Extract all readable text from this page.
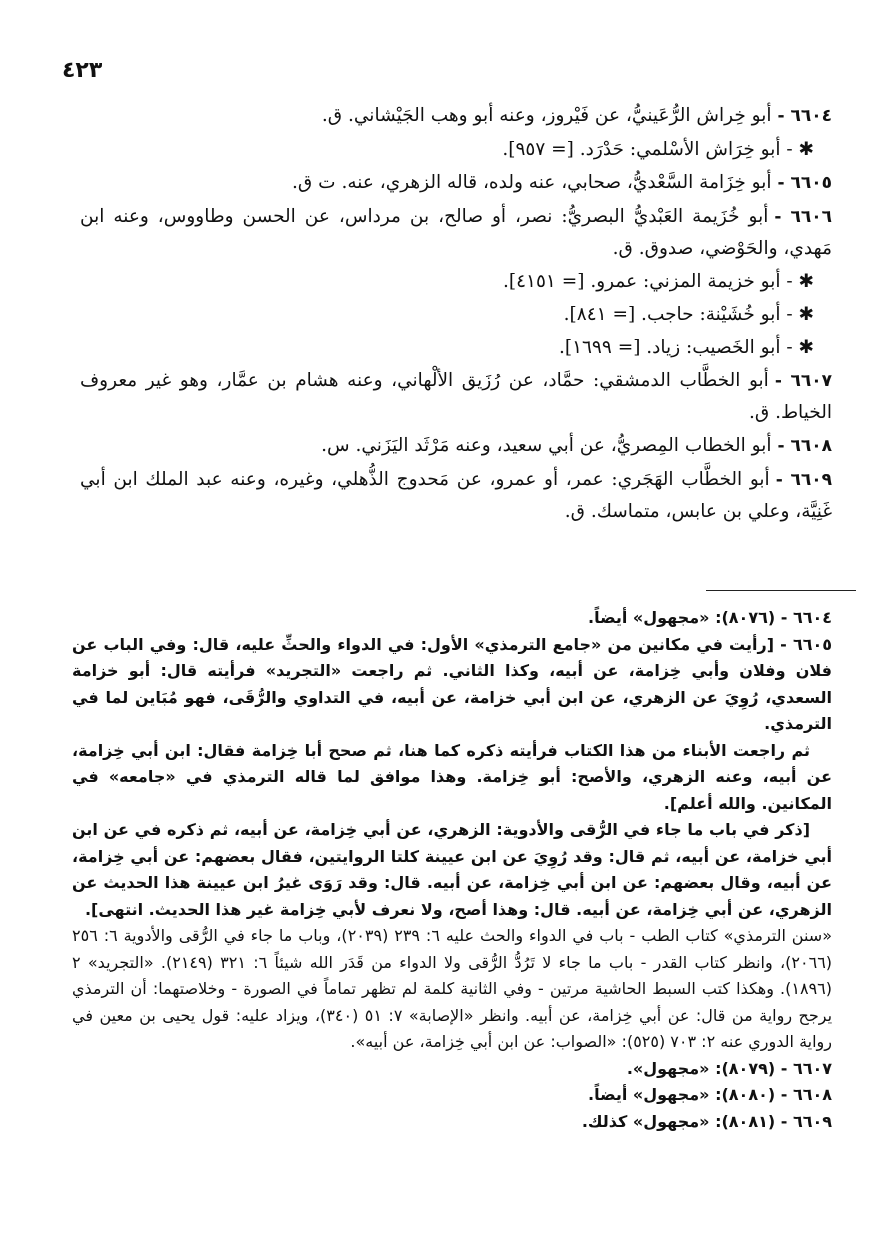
٤٢٣
٦٦٠٤ -أبو خِراش الرُّعَينيُّ، عن فَيْروز، وعنه أبو وهب الجَيْشاني. ق.
✱ - أبو خِرَاش الأسْلمي: حَدْرَد. [= ٩٥٧].
٦٦٠٥ -أبو خِزَامة السَّعْديُّ، صحابي، عنه ولده، قاله الزهري، عنه. ت ق.
٦٦٠٦ -أبو خُزَيمة العَبْديُّ البصريُّ: نصر، أو صالح، بن مرداس، عن الحسن وطاووس، وعنه ابن مَهدي، والحَوْضي، صدوق. ق.
✱ - أبو خزيمة المزني: عمرو. [= ٤١٥١].
✱ - أبو خُشَيْنة: حاجب. [= ٨٤١].
✱ - أبو الخَصيب: زياد. [= ١٦٩٩].
٦٦٠٧ -أبو الخطَّاب الدمشقي: حمَّاد، عن رُزَيق الألْهاني، وعنه هشام بن عمَّار، وهو غير معروف الخياط. ق.
٦٦٠٨ -أبو الخطاب المِصريُّ، عن أبي سعيد، وعنه مَرْثَد اليَزَني. س.
٦٦٠٩ -أبو الخطَّاب الهَجَري: عمر، أو عمرو، عن مَحدوج الذُّهلي، وغيره، وعنه عبد الملك ابن أبي غَنِيَّة، وعلي بن عابس، متماسك. ق.

٦٦٠٤ - (٨٠٧٦): «مجهول» أيضاً.

٦٦٠٥ - [رأيت في مكانين من «جامع الترمذي» الأول: في الدواء والحثِّ عليه، قال: وفي الباب عن فلان وفلان وأبي خِزامة، عن أبيه، وكذا الثاني. ثم راجعت «التجريد» فرأيته قال: أبو خزامة السعدي، رُوِيَ عن الزهري، عن ابن أبي خزامة، عن أبيه، في التداوي والرُّقَى، فهو مُبَاين لما في الترمذي.

ثم راجعت الأبناء من هذا الكتاب فرأيته ذكره كما هنا، ثم صحح أبا خِزامة فقال: ابن أبي خِزامة، عن أبيه، وعنه الزهري، والأصح: أبو خِزامة. وهذا موافق لما قاله الترمذي في «جامعه» في المكانين. والله أعلم].

[ذكر في باب ما جاء في الرُّقى والأدوية: الزهري، عن أبي خِزامة، عن أبيه، ثم ذكره في عن ابن أبي خزامة، عن أبيه، ثم قال: وقد رُوِيَ عن ابن عيينة كلتا الروايتين، فقال بعضهم: عن أبي خِزامة، عن أبيه، وقال بعضهم: عن ابن أبي خِزامة، عن أبيه. قال: وقد رَوَى غيرُ ابن عيينة هذا الحديث عن الزهري، عن أبي خِزامة، عن أبيه. قال: وهذا أصح، ولا نعرف لأبي خِزامة غير هذا الحديث. انتهى].

«سنن الترمذي» كتاب الطب - باب في الدواء والحث عليه ٦: ٢٣٩ (٢٠٣٩)، وباب ما جاء في الرُّقى والأدوية ٦: ٢٥٦ (٢٠٦٦)، وانظر كتاب القدر - باب ما جاء لا تَرُدُّ الرُّقى ولا الدواء من قَدَر الله شيئاً ٦: ٣٢١ (٢١٤٩). «التجريد» ٢ (١٨٩٦). وهكذا كتب السبط الحاشية مرتين - وفي الثانية كلمة لم تظهر تماماً في الصورة - وخلاصتهما: أن الترمذي يرجح رواية من قال: عن أبي خِزامة، عن أبيه. وانظر «الإصابة» ٧: ٥١ (٣٤٠)، ويزاد عليه: قول يحيى بن معين في رواية الدوري عنه ٢: ٧٠٣ (٥٢٥): «الصواب: عن ابن أبي خِزامة، عن أبيه».

٦٦٠٧ - (٨٠٧٩): «مجهول».

٦٦٠٨ - (٨٠٨٠): «مجهول» أيضاً.

٦٦٠٩ - (٨٠٨١): «مجهول» كذلك.
